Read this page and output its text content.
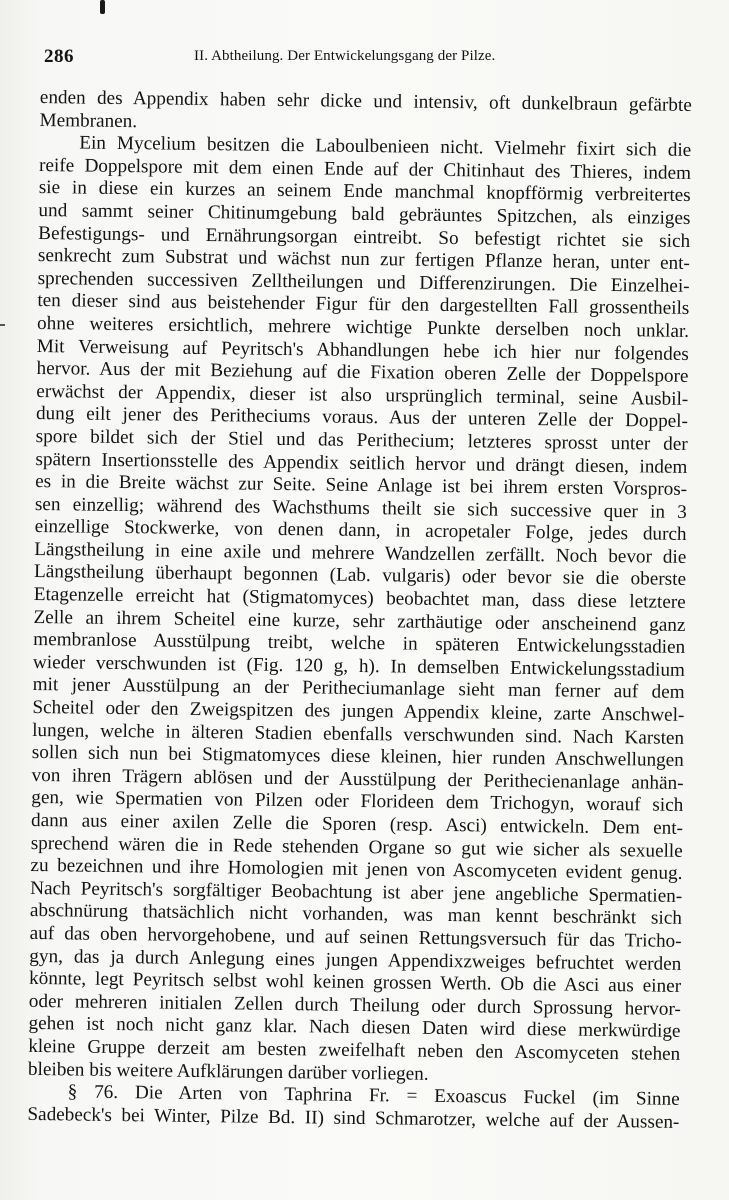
286	II. Abtheilung. Der Entwickelungsgang der Pilze.
enden des Appendix haben sehr dicke und intensiv, oft dunkelbraun gefärbte
Membranen.
Ein Mycelium besitzen die Laboulbenieen nicht. Vielmehr fixirt sich die
reife Doppelspore mit dem einen Ende auf der Chitinhaut des Thieres, indem
sie in diese ein kurzes an seinem Ende manchmal knopfförmig verbreitertes
und sammt seiner Chitinumgebung bald gebräuntes Spitzchen, als einziges
Befestigungs- und Ernährungsorgan eintreibt. So befestigt richtet sie sich
senkrecht zum Substrat und wächst nun zur fertigen Pflanze heran, unter ent-
sprechenden successiven Zelltheilungen und Differenzirungen. Die Einzelhei-
ten dieser sind aus beistehender Figur für den dargestellten Fall grossentheils
ohne weiteres ersichtlich, mehrere wichtige Punkte derselben noch unklar.
Mit Verweisung auf Peyritsch's Abhandlungen hebe ich hier nur folgendes
hervor. Aus der mit Beziehung auf die Fixation oberen Zelle der Doppelspore
erwächst der Appendix, dieser ist also ursprünglich terminal, seine Ausbil-
dung eilt jener des Peritheciums voraus. Aus der unteren Zelle der Doppel-
spore bildet sich der Stiel und das Perithecium; letzteres sprosst unter der
spätern Insertionsstelle des Appendix seitlich hervor und drängt diesen, indem
es in die Breite wächst zur Seite. Seine Anlage ist bei ihrem ersten Vorspros-
sen einzellig; während des Wachsthums theilt sie sich successive quer in 3
einzellige Stockwerke, von denen dann, in acropetaler Folge, jedes durch
Längstheilung in eine axile und mehrere Wandzellen zerfällt. Noch bevor die
Längstheilung überhaupt begonnen (Lab. vulgaris) oder bevor sie die oberste
Etagenzelle erreicht hat (Stigmatomyces) beobachtet man, dass diese letztere
Zelle an ihrem Scheitel eine kurze, sehr zarthäutige oder anscheinend ganz
membranlose Ausstülpung treibt, welche in späteren Entwickelungsstadien
wieder verschwunden ist (Fig. 120 g, h). In demselben Entwickelungsstadium
mit jener Ausstülpung an der Peritheciumanlage sieht man ferner auf dem
Scheitel oder den Zweigspitzen des jungen Appendix kleine, zarte Anschwel-
lungen, welche in älteren Stadien ebenfalls verschwunden sind. Nach Karsten
sollen sich nun bei Stigmatomyces diese kleinen, hier runden Anschwellungen
von ihren Trägern ablösen und der Ausstülpung der Perithecienanlage anhän-
gen, wie Spermatien von Pilzen oder Florideen dem Trichogyn, worauf sich
dann aus einer axilen Zelle die Sporen (resp. Asci) entwickeln. Dem ent-
sprechend wären die in Rede stehenden Organe so gut wie sicher als sexuelle
zu bezeichnen und ihre Homologien mit jenen von Ascomyceten evident genug.
Nach Peyritsch's sorgfältiger Beobachtung ist aber jene angebliche Spermatien-
abschnürung thatsächlich nicht vorhanden, was man kennt beschränkt sich
auf das oben hervorgehobene, und auf seinen Rettungsversuch für das Tricho-
gyn, das ja durch Anlegung eines jungen Appendixzweiges befruchtet werden
könnte, legt Peyritsch selbst wohl keinen grossen Werth. Ob die Asci aus einer
oder mehreren initialen Zellen durch Theilung oder durch Sprossung hervor-
gehen ist noch nicht ganz klar. Nach diesen Daten wird diese merkwürdige
kleine Gruppe derzeit am besten zweifelhaft neben den Ascomyceten stehen
bleiben bis weitere Aufklärungen darüber vorliegen.
§ 76. Die Arten von Taphrina Fr. = Exoascus Fuckel (im Sinne
Sadebeck's bei Winter, Pilze Bd. II) sind Schmarotzer, welche auf der Aussen-
